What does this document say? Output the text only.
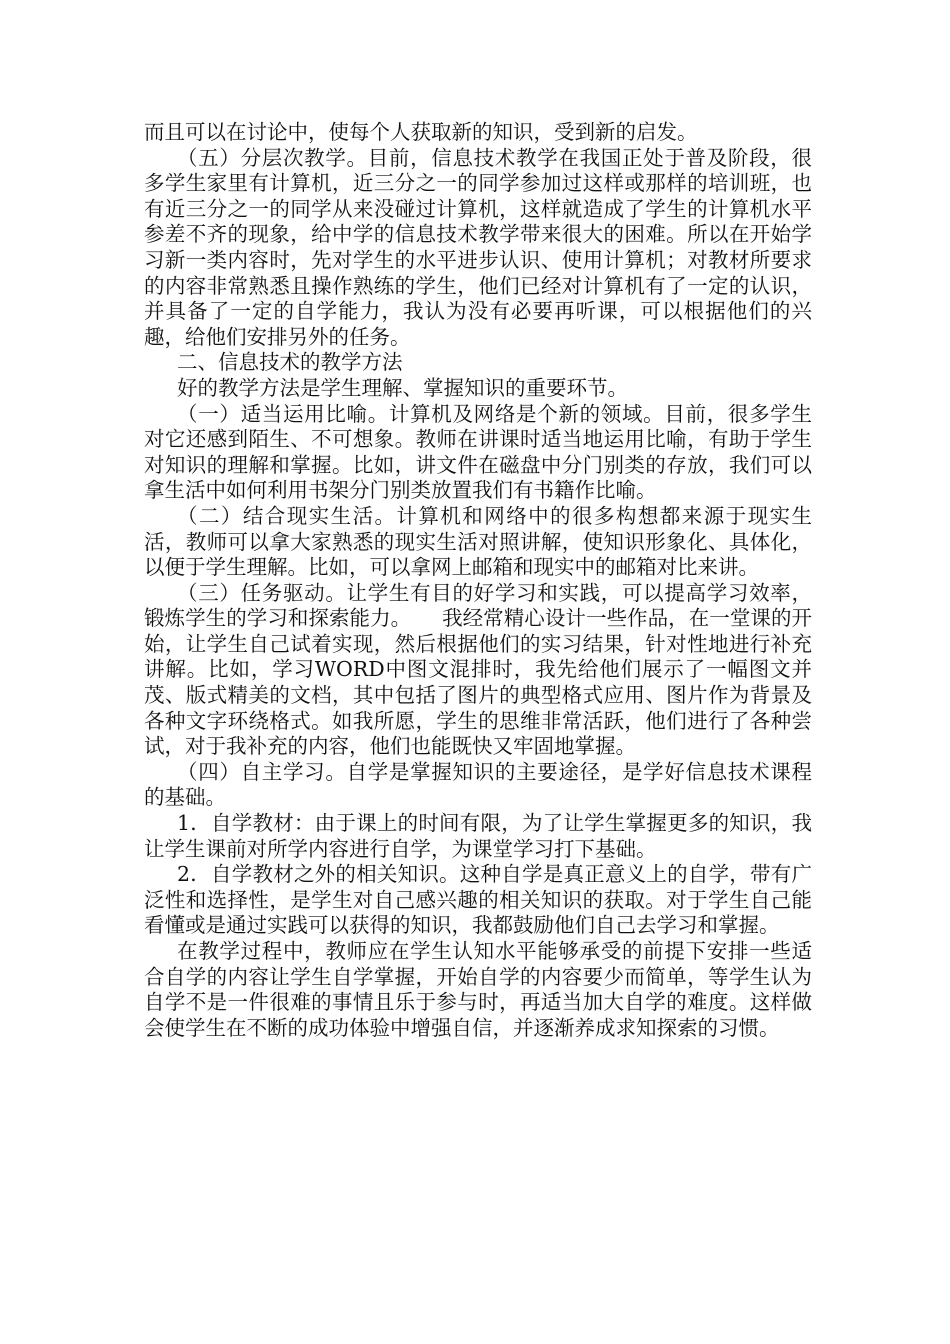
而且可以在讨论中，使每个人获取新的知识，受到新的启发。

（五）分层次教学。目前，信息技术教学在我国正处于普及阶段，很多学生家里有计算机，近三分之一的同学参加过这样或那样的培训班，也有近三分之一的同学从来没碰过计算机，这样就造成了学生的计算机水平参差不齐的现象，给中学的信息技术教学带来很大的困难。所以在开始学习新一类内容时，先对学生的水平进步认识、使用计算机；对教材所要求的内容非常熟悉且操作熟练的学生，他们已经对计算机有了一定的认识，并具备了一定的自学能力，我认为没有必要再听课，可以根据他们的兴趣，给他们安排另外的任务。

二、信息技术的教学方法

好的教学方法是学生理解、掌握知识的重要环节。

（一）适当运用比喻。计算机及网络是个新的领域。目前，很多学生对它还感到陌生、不可想象。教师在讲课时适当地运用比喻，有助于学生对知识的理解和掌握。比如，讲文件在磁盘中分门别类的存放，我们可以拿生活中如何利用书架分门别类放置我们有书籍作比喻。

（二）结合现实生活。计算机和网络中的很多构想都来源于现实生活，教师可以拿大家熟悉的现实生活对照讲解，使知识形象化、具体化，以便于学生理解。比如，可以拿网上邮箱和现实中的邮箱对比来讲。

（三）任务驱动。让学生有目的好学习和实践，可以提高学习效率，锻炼学生的学习和探索能力。　　我经常精心设计一些作品，在一堂课的开始，让学生自己试着实现，然后根据他们的实习结果，针对性地进行补充讲解。比如，学习WORD中图文混排时，我先给他们展示了一幅图文并茂、版式精美的文档，其中包括了图片的典型格式应用、图片作为背景及各种文字环绕格式。如我所愿，学生的思维非常活跃，他们进行了各种尝试，对于我补充的内容，他们也能既快又牢固地掌握。

（四）自主学习。自学是掌握知识的主要途径，是学好信息技术课程的基础。

1．自学教材：由于课上的时间有限，为了让学生掌握更多的知识，我让学生课前对所学内容进行自学，为课堂学习打下基础。

2．自学教材之外的相关知识。这种自学是真正意义上的自学，带有广泛性和选择性，是学生对自己感兴趣的相关知识的获取。对于学生自己能看懂或是通过实践可以获得的知识，我都鼓励他们自己去学习和掌握。

在教学过程中，教师应在学生认知水平能够承受的前提下安排一些适合自学的内容让学生自学掌握，开始自学的内容要少而简单，等学生认为自学不是一件很难的事情且乐于参与时，再适当加大自学的难度。这样做会使学生在不断的成功体验中增强自信，并逐渐养成求知探索的习惯。
